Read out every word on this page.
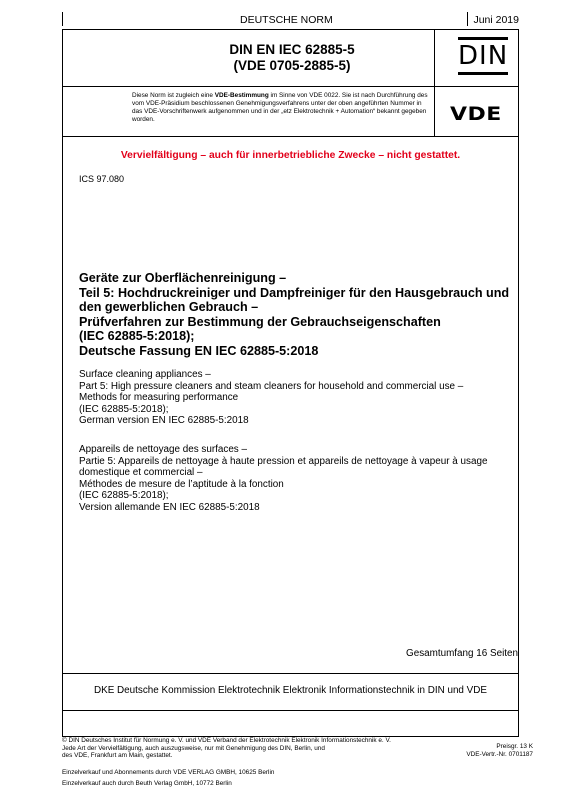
DEUTSCHE NORM	Juni 2019
DIN EN IEC 62885-5
(VDE 0705-2885-5)	DIN
Diese Norm ist zugleich eine VDE-Bestimmung im Sinne von VDE 0022. Sie ist nach Durchführung des vom VDE-Präsidium beschlossenen Genehmigungsverfahrens unter der oben angeführten Nummer in das VDE-Vorschriftenwerk aufgenommen und in der „etz Elektrotechnik + Automation“ bekannt gegeben worden.	VDE
Vervielfältigung – auch für innerbetriebliche Zwecke – nicht gestattet.
ICS 97.080
Geräte zur Oberflächenreinigung –
Teil 5: Hochdruckreiniger und Dampfreiniger für den Hausgebrauch und
den gewerblichen Gebrauch –
Prüfverfahren zur Bestimmung der Gebrauchseigenschaften
(IEC 62885-5:2018);
Deutsche Fassung EN IEC 62885-5:2018
Surface cleaning appliances –
Part 5: High pressure cleaners and steam cleaners for household and commercial use –
Methods for measuring performance
(IEC 62885-5:2018);
German version EN IEC 62885-5:2018
Appareils de nettoyage des surfaces –
Partie 5: Appareils de nettoyage à haute pression et appareils de nettoyage à vapeur à usage
domestique et commercial –
Méthodes de mesure de l’aptitude à la fonction
(IEC 62885-5:2018);
Version allemande EN IEC 62885-5:2018
Gesamtumfang 16 Seiten
DKE Deutsche Kommission Elektrotechnik Elektronik Informationstechnik in DIN und VDE
© DIN Deutsches Institut für Normung e. V. und VDE Verband der Elektrotechnik Elektronik Informationstechnik e. V.
Jede Art der Vervielfältigung, auch auszugsweise, nur mit Genehmigung des DIN, Berlin, und
des VDE, Frankfurt am Main, gestattet.
Preisgr. 13 K
VDE-Vertr.-Nr. 0701187
Einzelverkauf und Abonnements durch VDE VERLAG GMBH, 10625 Berlin
Einzelverkauf auch durch Beuth Verlag GmbH, 10772 Berlin
